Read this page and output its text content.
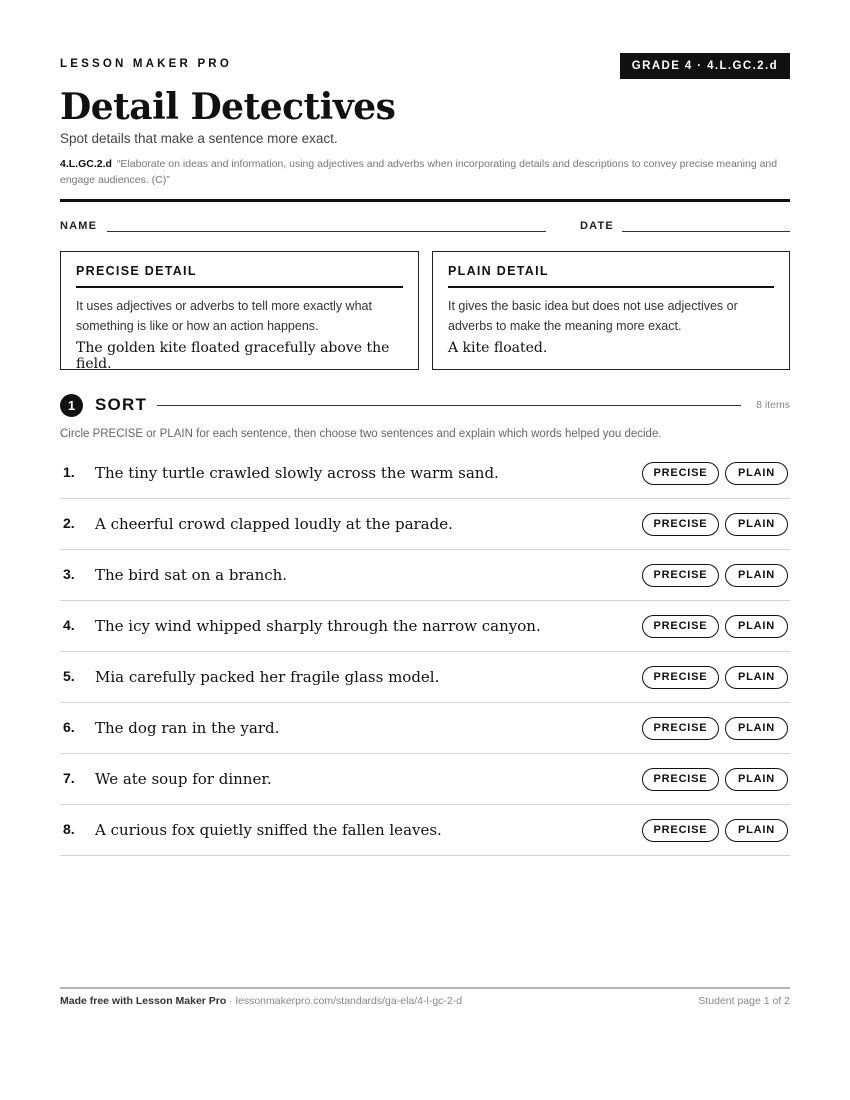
LESSON MAKER PRO	GRADE 4 · 4.L.GC.2.d
Detail Detectives
Spot details that make a sentence more exact.
4.L.GC.2.d “Elaborate on ideas and information, using adjectives and adverbs when incorporating details and descriptions to convey precise meaning and engage audiences. (C)”
NAME	DATE
PRECISE DETAIL
It uses adjectives or adverbs to tell more exactly what something is like or how an action happens.
The golden kite floated gracefully above the field.
PLAIN DETAIL
It gives the basic idea but does not use adjectives or adverbs to make the meaning more exact.
A kite floated.
1	SORT	8 items
Circle PRECISE or PLAIN for each sentence, then choose two sentences and explain which words helped you decide.
1. The tiny turtle crawled slowly across the warm sand.	PRECISE	PLAIN
2. A cheerful crowd clapped loudly at the parade.	PRECISE	PLAIN
3. The bird sat on a branch.	PRECISE	PLAIN
4. The icy wind whipped sharply through the narrow canyon.	PRECISE	PLAIN
5. Mia carefully packed her fragile glass model.	PRECISE	PLAIN
6. The dog ran in the yard.	PRECISE	PLAIN
7. We ate soup for dinner.	PRECISE	PLAIN
8. A curious fox quietly sniffed the fallen leaves.	PRECISE	PLAIN
Made free with Lesson Maker Pro · lessonmakerpro.com/standards/ga-ela/4-l-gc-2-d	Student page 1 of 2
